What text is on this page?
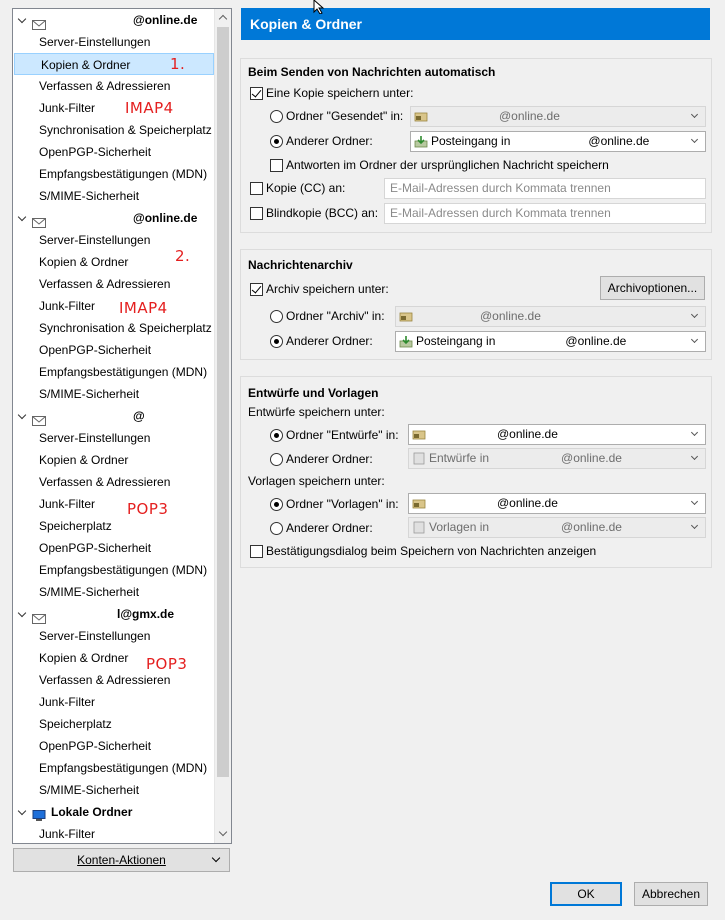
@online.de
Server-Einstellungen
Kopien & Ordner
Verfassen & Adressieren
Junk-Filter
Synchronisation & Speicherplatz
OpenPGP-Sicherheit
Empfangsbestätigungen (MDN)
S/MIME-Sicherheit
@online.de
Server-Einstellungen
Kopien & Ordner
Verfassen & Adressieren
Junk-Filter
Synchronisation & Speicherplatz
OpenPGP-Sicherheit
Empfangsbestätigungen (MDN)
S/MIME-Sicherheit
@
Server-Einstellungen
Kopien & Ordner
Verfassen & Adressieren
Junk-Filter
Speicherplatz
OpenPGP-Sicherheit
Empfangsbestätigungen (MDN)
S/MIME-Sicherheit
l@gmx.de
Server-Einstellungen
Kopien & Ordner
Verfassen & Adressieren
Junk-Filter
Speicherplatz
OpenPGP-Sicherheit
Empfangsbestätigungen (MDN)
S/MIME-Sicherheit
Lokale Ordner
Junk-Filter
1.
IMAP4
2.
IMAP4
POP3
POP3
Konten-Aktionen
Kopien & Ordner
Beim Senden von Nachrichten automatisch
Eine Kopie speichern unter:
Ordner "Gesendet" in:	@online.de
Anderer Ordner:	Posteingang in	@online.de
Antworten im Ordner der ursprünglichen Nachricht speichern
Kopie (CC) an:	E-Mail-Adressen durch Kommata trennen
Blindkopie (BCC) an: E-Mail-Adressen durch Kommata trennen
Nachrichtenarchiv
Archiv speichern unter:	Archivoptionen...
Ordner "Archiv" in:	@online.de
Anderer Ordner:	Posteingang in	@online.de
Entwürfe und Vorlagen
Entwürfe speichern unter:
Ordner "Entwürfe" in:	@online.de
Anderer Ordner:	Entwürfe in	@online.de
Vorlagen speichern unter:
Ordner "Vorlagen" in:	@online.de
Anderer Ordner:	Vorlagen in	@online.de
Bestätigungsdialog beim Speichern von Nachrichten anzeigen
OK	Abbrechen
